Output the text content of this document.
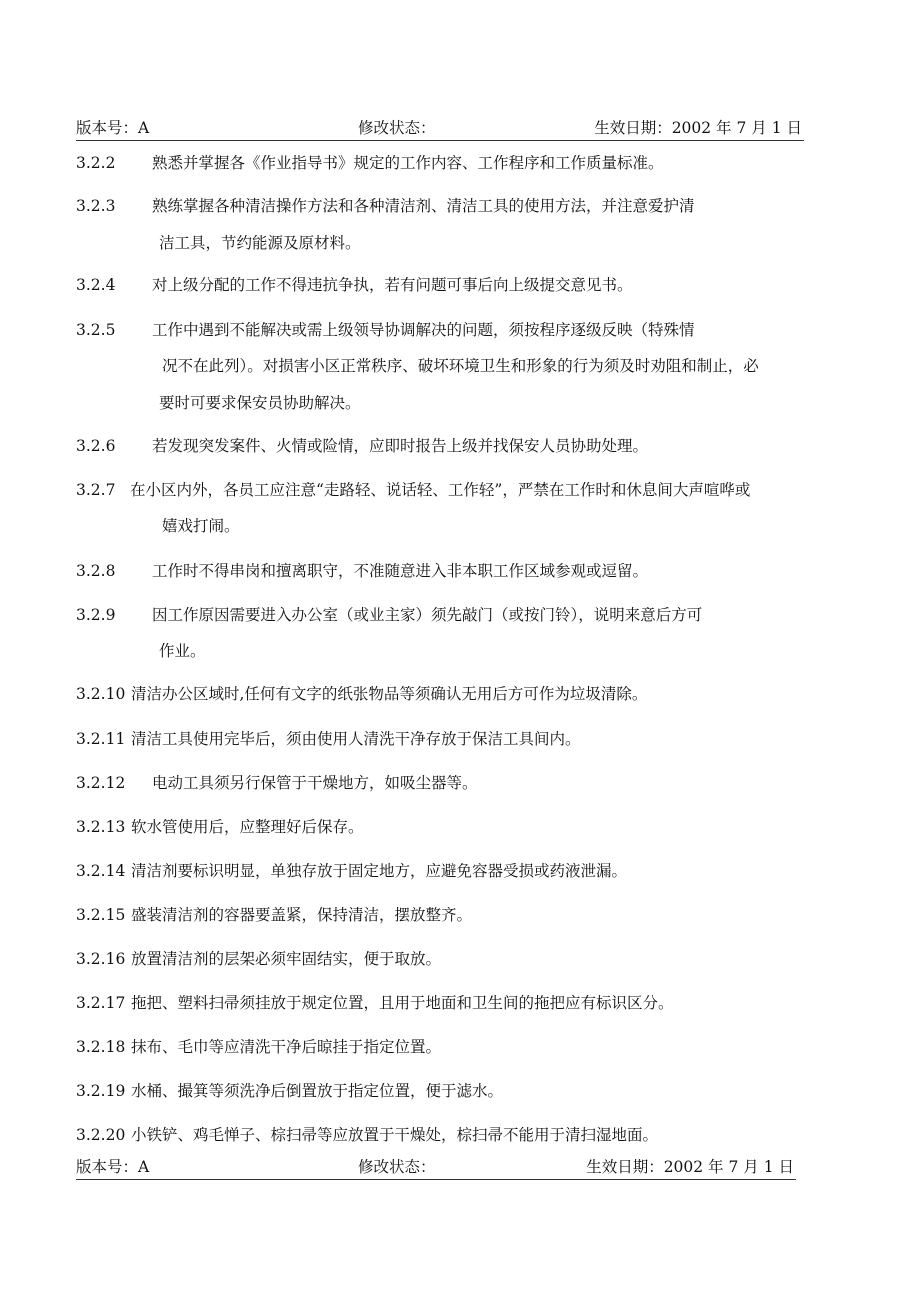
版本号：A	修改状态：	生效日期：2002 年 7 月 1 日
3.2.2 熟悉并掌握各《作业指导书》规定的工作内容、工作程序和工作质量标准。
3.2.3 熟练掌握各种清洁操作方法和各种清洁剂、清洁工具的使用方法，并注意爱护清
洁工具，节约能源及原材料。
3.2.4 对上级分配的工作不得违抗争执，若有问题可事后向上级提交意见书。
3.2.5 工作中遇到不能解决或需上级领导协调解决的问题，须按程序逐级反映（特殊情
况不在此列）。对损害小区正常秩序、破坏环境卫生和形象的行为须及时劝阻和制止，必
要时可要求保安员协助解决。
3.2.6 若发现突发案件、火情或险情，应即时报告上级并找保安人员协助处理。
3.2.7 在小区内外，各员工应注意“走路轻、说话轻、工作轻”，严禁在工作时和休息间大声喧哗或
嬉戏打闹。
3.2.8 工作时不得串岗和擅离职守，不准随意进入非本职工作区域参观或逗留。
3.2.9 因工作原因需要进入办公室（或业主家）须先敲门（或按门铃），说明来意后方可
作业。
3.2.10 清洁办公区域时,任何有文字的纸张物品等须确认无用后方可作为垃圾清除。
3.2.11 清洁工具使用完毕后，须由使用人清洗干净存放于保洁工具间内。
3.2.12 电动工具须另行保管于干燥地方，如吸尘器等。
3.2.13 软水管使用后，应整理好后保存。
3.2.14 清洁剂要标识明显，单独存放于固定地方，应避免容器受损或药液泄漏。
3.2.15 盛装清洁剂的容器要盖紧，保持清洁，摆放整齐。
3.2.16 放置清洁剂的层架必须牢固结实，便于取放。
3.2.17 拖把、塑料扫帚须挂放于规定位置，且用于地面和卫生间的拖把应有标识区分。
3.2.18 抹布、毛巾等应清洗干净后晾挂于指定位置。
3.2.19 水桶、撮箕等须洗净后倒置放于指定位置，便于滤水。
3.2.20 小铁铲、鸡毛惮子、棕扫帚等应放置于干燥处，棕扫帚不能用于清扫湿地面。
版本号：A	修改状态：	生效日期：2002 年 7 月 1 日
